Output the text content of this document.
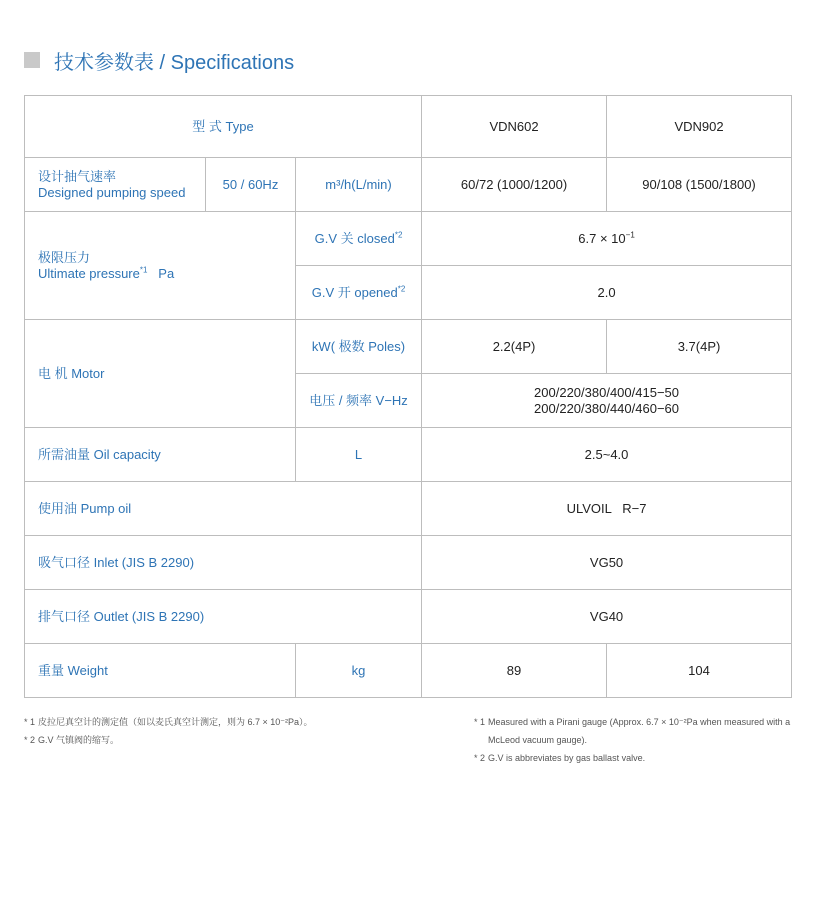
技术参数表 / Specifications
型 式 Type			VDN602	VDN902

设计抽气速率
Designed pumping speed	50 / 60Hz	m³/h(L/min)	60/72 (1000/1200)	90/108 (1500/1800)

极限压力
Ultimate pressure$^{*1}$ Pa		G.V 关 closed$^{*2}$	$6.7 \times 10^{-1}$
		G.V 开 opened$^{*2}$	2.0	
电 机 Motor		kW( 极数 Poles)	2.2(4P)	3.7(4P)
		电压 / 频率 V−Hz	200/220/380/400/415−50
200/220/380/440/460−60	

所需油量 Oil capacity		L	2.5~4.0	
使用油 Pump oil			ULVOIL   R−7	
吸气口径 Inlet (JIS B 2290)			VG50	
排气口径 Outlet (JIS B 2290)			VG40	
重量 Weight		kg	89	104
* 1 皮拉尼真空计的测定值（如以麦氏真空计测定，则为 6.7 × 10⁻²Pa）。
* 2 G.V 气镇阀的缩写。
* 1 Measured with a Pirani gauge (Approx. 6.7 × 10⁻²Pa when measured with a McLeod vacuum gauge).
* 2 G.V is abbreviates by gas ballast valve.
